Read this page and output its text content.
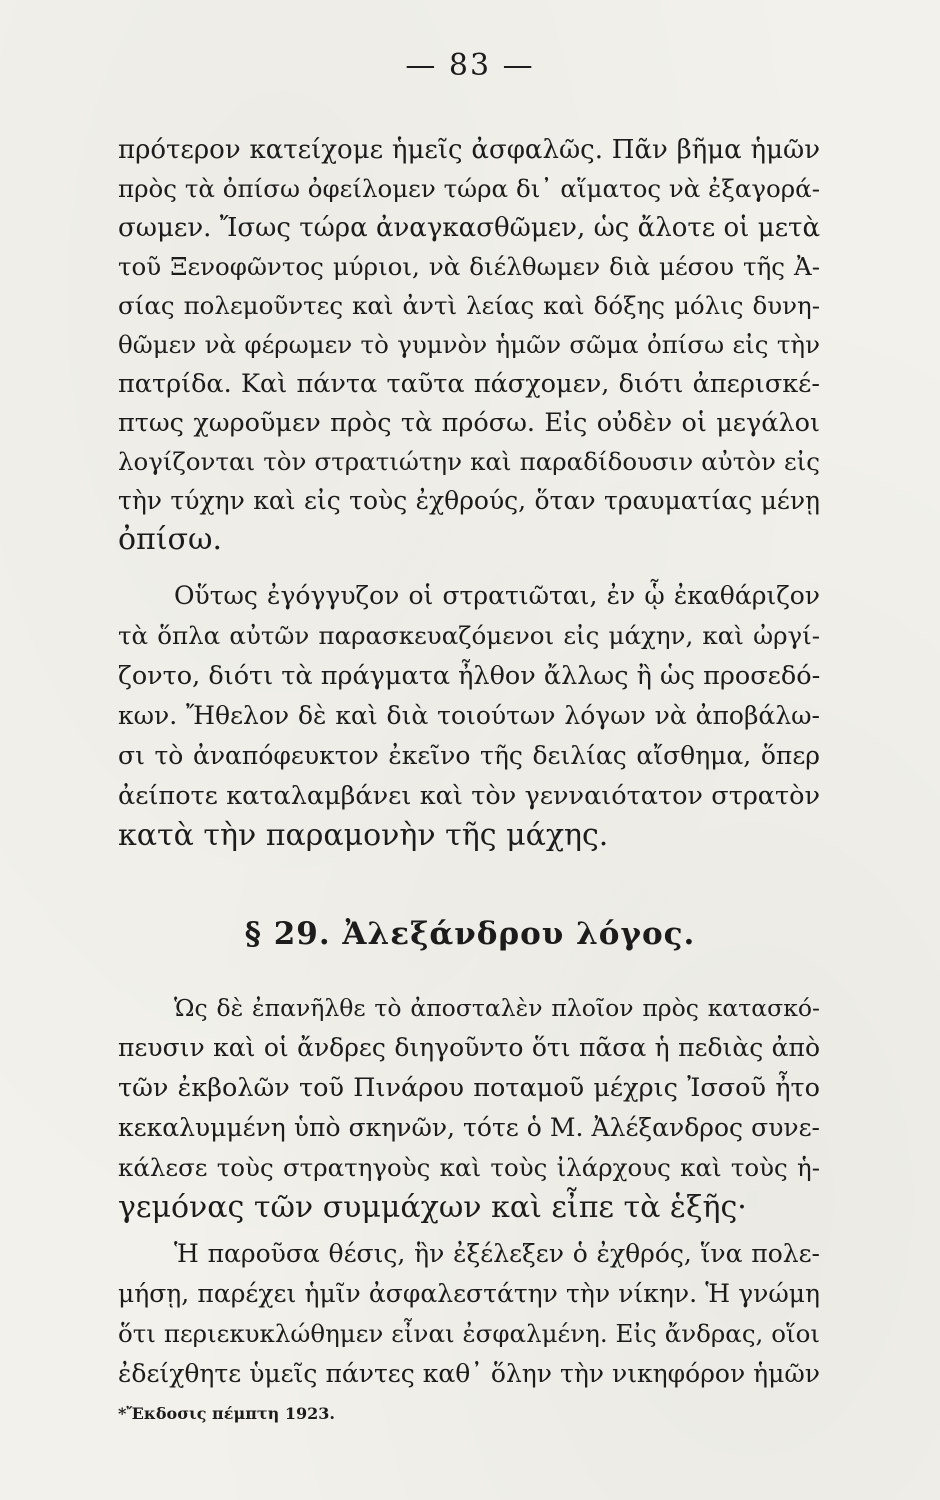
— 83 —
πρότερον κατείχομε ἡμεῖς ἀσφαλῶς. Πᾶν βῆμα ἡμῶν
πρὸς τὰ ὀπίσω ὀφείλομεν τώρα δι᾽ αἵματος νὰ ἐξαγορά-
σωμεν. Ἴσως τώρα ἀναγκασθῶμεν, ὡς ἄλοτε οἱ μετὰ
τοῦ Ξενοφῶντος μύριοι, νὰ διέλθωμεν διὰ μέσου τῆς Ἀ-
σίας πολεμοῦντες καὶ ἀντὶ λείας καὶ δόξης μόλις δυνη-
θῶμεν νὰ φέρωμεν τὸ γυμνὸν ἡμῶν σῶμα ὀπίσω εἰς τὴν
πατρίδα. Καὶ πάντα ταῦτα πάσχομεν, διότι ἀπερισκέ-
πτως χωροῦμεν πρὸς τὰ πρόσω. Εἰς οὐδὲν οἱ μεγάλοι
λογίζονται τὸν στρατιώτην καὶ παραδίδουσιν αὐτὸν εἰς
τὴν τύχην καὶ εἰς τοὺς ἐχθρούς, ὅταν τραυματίας μένῃ
ὀπίσω.
Οὕτως ἐγόγγυζον οἱ στρατιῶται, ἐν ᾧ ἐκαθάριζον
τὰ ὅπλα αὐτῶν παρασκευαζόμενοι εἰς μάχην, καὶ ὠργί-
ζοντο, διότι τὰ πράγματα ἦλθον ἄλλως ἢ ὡς προσεδό-
κων. Ἤθελον δὲ καὶ διὰ τοιούτων λόγων νὰ ἀποβάλω-
σι τὸ ἀναπόφευκτον ἐκεῖνο τῆς δειλίας αἴσθημα, ὅπερ
ἀείποτε καταλαμβάνει καὶ τὸν γενναιότατον στρατὸν
κατὰ τὴν παραμονὴν τῆς μάχης.
§ 29. Ἀλεξάνδρου λόγος.
Ὡς δὲ ἐπανῆλθε τὸ ἀποσταλὲν πλοῖον πρὸς κατασκό-
πευσιν καὶ οἱ ἄνδρες διηγοῦντο ὅτι πᾶσα ἡ πεδιὰς ἀπὸ
τῶν ἐκβολῶν τοῦ Πινάρου ποταμοῦ μέχρις Ἰσσοῦ ἦτο
κεκαλυμμένη ὑπὸ σκηνῶν, τότε ὁ Μ. Ἀλέξανδρος συνε-
κάλεσε τοὺς στρατηγοὺς καὶ τοὺς ἰλάρχους καὶ τοὺς ἡ-
γεμόνας τῶν συμμάχων καὶ εἶπε τὰ ἑξῆς·
Ἡ παροῦσα θέσις, ἣν ἐξέλεξεν ὁ ἐχθρός, ἵνα πολε-
μήσῃ, παρέχει ἡμῖν ἀσφαλεστάτην τὴν νίκην. Ἡ γνώμη
ὅτι περιεκυκλώθημεν εἶναι ἐσφαλμένη. Εἰς ἄνδρας, οἵοι
ἐδείχθητε ὑμεῖς πάντες καθ᾽ ὅλην τὴν νικηφόρον ἡμῶν
*Ἔκδοσις πέμπτη 1923.
